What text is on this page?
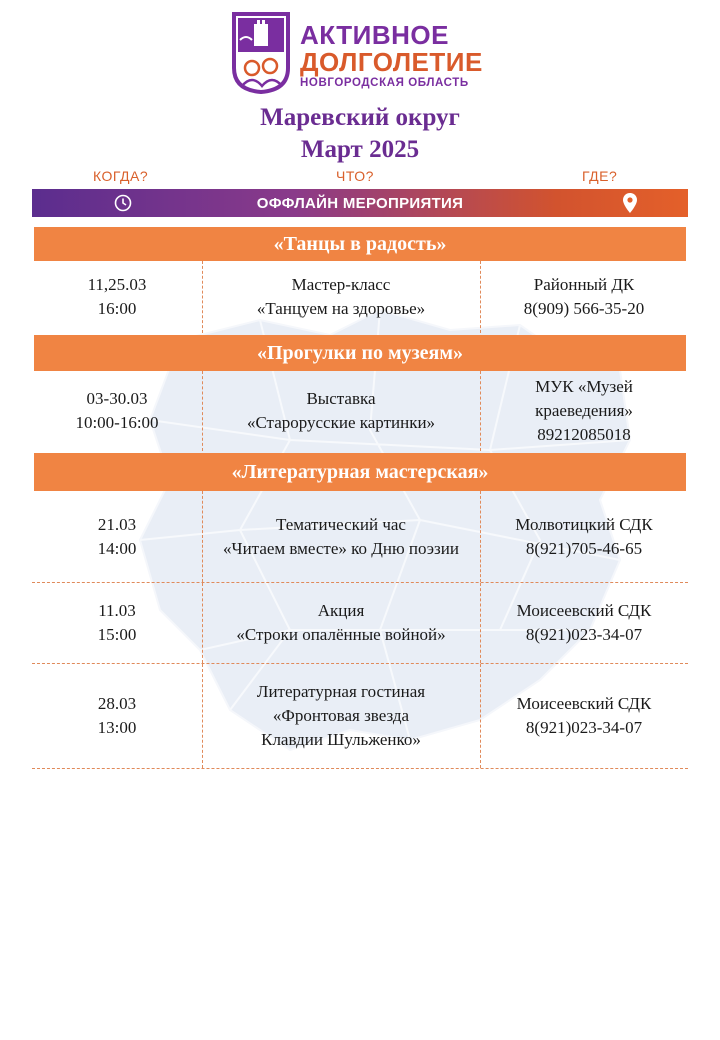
АКТИВНОЕ
ДОЛГОЛЕТИЕ
НОВГОРОДСКАЯ ОБЛАСТЬ
Маревский округ
Март 2025
КОГДА?	ЧТО?	ГДЕ?
ОФФЛАЙН МЕРОПРИЯТИЯ
«Танцы в радость»
11,25.03
16:00
Мастер-класс
«Танцуем на здоровье»
Районный ДК
8(909) 566-35-20
«Прогулки по музеям»
03-30.03
10:00-16:00
Выставка
«Старорусские картинки»
МУК «Музей
краеведения»
89212085018
«Литературная мастерская»
21.03
14:00
Тематический час
«Читаем вместе» ко Дню поэзии
Молвотицкий СДК
8(921)705-46-65
11.03
15:00
Акция
«Строки опалённые войной»
Моисеевский СДК
8(921)023-34-07
28.03
13:00
Литературная гостиная
«Фронтовая звезда
Клавдии Шульженко»
Моисеевский СДК
8(921)023-34-07
